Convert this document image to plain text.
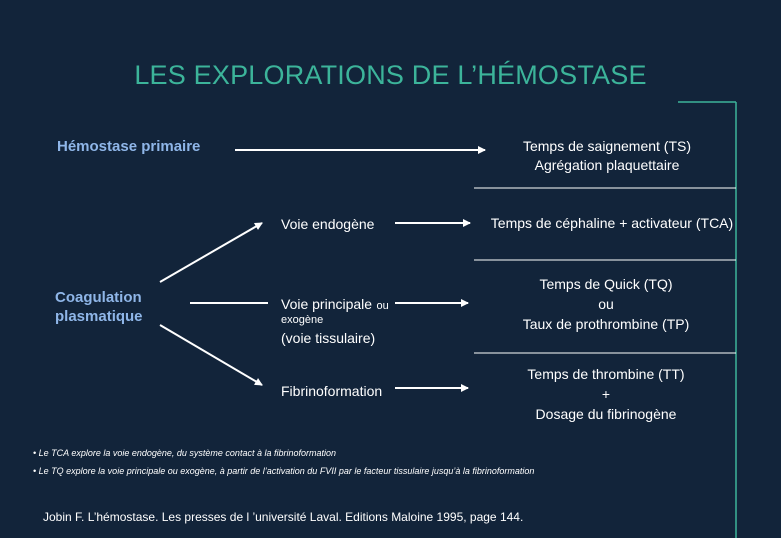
LES EXPLORATIONS DE L’HÉMOSTASE
Hémostase primaire
Coagulation
plasmatique
Voie endogène
Voie principale ou
exogène
(voie tissulaire)
Fibrinoformation
Temps de saignement (TS)
Agrégation plaquettaire
Temps de céphaline + activateur (TCA)
Temps de Quick (TQ)
ou
Taux de prothrombine (TP)
Temps de thrombine (TT)
+
Dosage du fibrinogène
• Le TCA explore la voie endogène, du système contact à la fibrinoformation
• Le TQ explore la voie principale ou exogène, à partir de l’activation du FVII par le facteur tissulaire jusqu’à la fibrinoformation
Jobin F. L’hémostase. Les presses de l ’université Laval. Editions Maloine 1995, page 144.
